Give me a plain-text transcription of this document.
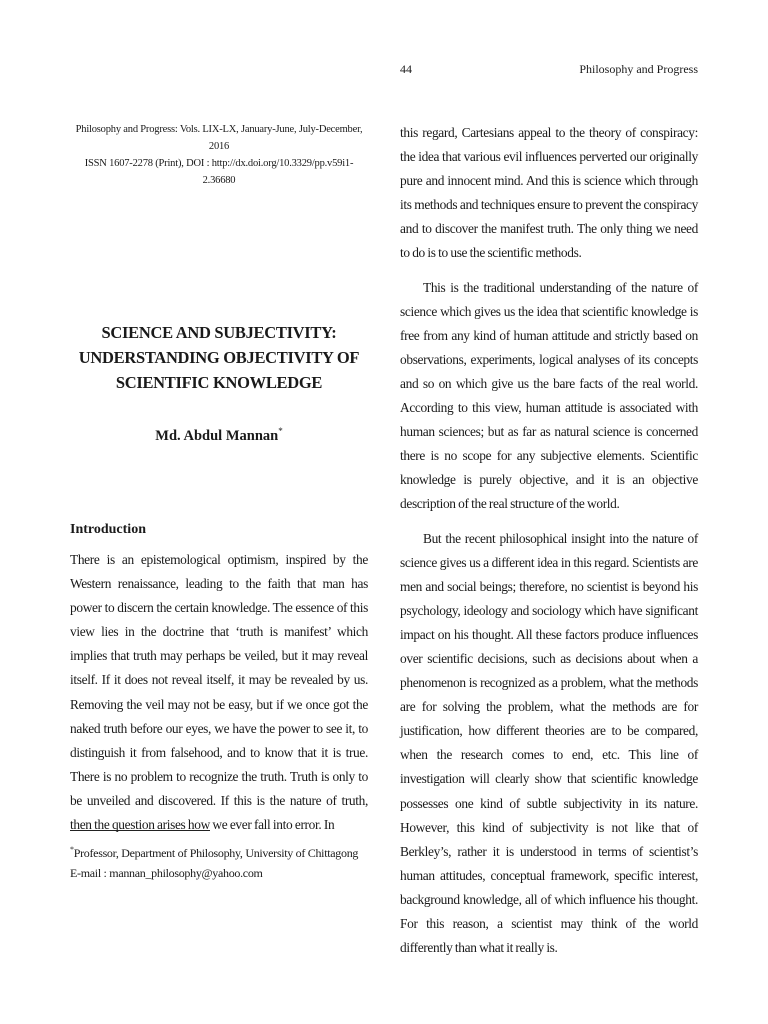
44	Philosophy and Progress
Philosophy and Progress: Vols. LIX-LX, January-June, July-December, 2016
ISSN 1607-2278 (Print), DOI : http://dx.doi.org/10.3329/pp.v59i1-2.36680
SCIENCE AND SUBJECTIVITY:
UNDERSTANDING OBJECTIVITY OF
SCIENTIFIC KNOWLEDGE
Md. Abdul Mannan*
Introduction

There is an epistemological optimism, inspired by the Western renaissance, leading to the faith that man has power to discern the certain knowledge. The essence of this view lies in the doctrine that ‘truth is manifest’ which implies that truth may perhaps be veiled, but it may reveal itself. If it does not reveal itself, it may be revealed by us. Removing the veil may not be easy, but if we once got the naked truth before our eyes, we have the power to see it, to distinguish it from falsehood, and to know that it is true. There is no problem to recognize the truth. Truth is only to be unveiled and discovered. If this is the nature of truth, then the question arises how we ever fall into error. In

this regard, Cartesians appeal to the theory of conspiracy: the idea that various evil influences perverted our originally pure and innocent mind. And this is science which through its methods and techniques ensure to prevent the conspiracy and to discover the manifest truth. The only thing we need to do is to use the scientific methods.

This is the traditional understanding of the nature of science which gives us the idea that scientific knowledge is free from any kind of human attitude and strictly based on observations, experiments, logical analyses of its concepts and so on which give us the bare facts of the real world. According to this view, human attitude is associated with human sciences; but as far as natural science is concerned there is no scope for any subjective elements. Scientific knowledge is purely objective, and it is an objective description of the real structure of the world.

But the recent philosophical insight into the nature of science gives us a different idea in this regard. Scientists are men and social beings; therefore, no scientist is beyond his psychology, ideology and sociology which have significant impact on his thought. All these factors produce influences over scientific decisions, such as decisions about when a phenomenon is recognized as a problem, what the methods are for solving the problem, what the methods are for justification, how different theories are to be compared, when the research comes to end, etc. This line of investigation will clearly show that scientific knowledge possesses one kind of subtle subjectivity in its nature. However, this kind of subjectivity is not like that of Berkley’s, rather it is understood in terms of scientist’s human attitudes, conceptual framework, specific interest, background knowledge, all of which influence his thought. For this reason, a scientist may think of the world differently than what it really is.

*Professor, Department of Philosophy, University of Chittagong
E-mail : mannan_philosophy@yahoo.com
